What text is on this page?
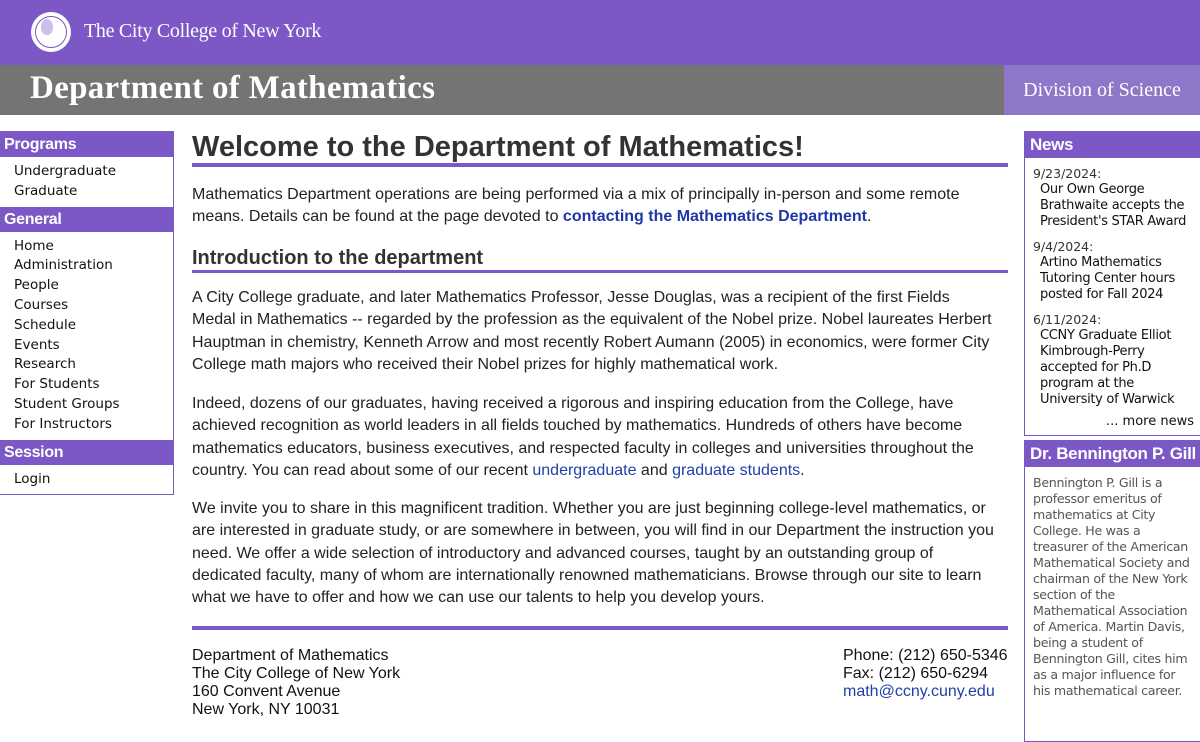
The City College of New York
Department of Mathematics	Division of Science
Programs
Undergraduate
Graduate
General
Home
Administration
People
Courses
Schedule
Events
Research
For Students
Student Groups
For Instructors
Session
Login
Welcome to the Department of Mathematics!

Mathematics Department operations are being performed via a mix of principally in-person and some remote means. Details can be found at the page devoted to contacting the Mathematics Department.

Introduction to the department

A City College graduate, and later Mathematics Professor, Jesse Douglas, was a recipient of the first Fields Medal in Mathematics -- regarded by the profession as the equivalent of the Nobel prize. Nobel laureates Herbert Hauptman in chemistry, Kenneth Arrow and most recently Robert Aumann (2005) in economics, were former City College math majors who received their Nobel prizes for highly mathematical work.

Indeed, dozens of our graduates, having received a rigorous and inspiring education from the College, have achieved recognition as world leaders in all fields touched by mathematics. Hundreds of others have become mathematics educators, business executives, and respected faculty in colleges and universities throughout the country. You can read about some of our recent undergraduate and graduate students.

We invite you to share in this magnificent tradition. Whether you are just beginning college-level mathematics, or are interested in graduate study, or are somewhere in between, you will find in our Department the instruction you need. We offer a wide selection of introductory and advanced courses, taught by an outstanding group of dedicated faculty, many of whom are internationally renowned mathematicians. Browse through our site to learn what we have to offer and how we can use our talents to help you develop yours.

Department of Mathematics
The City College of New York
160 Convent Avenue
New York, NY 10031
Phone: (212) 650-5346
Fax: (212) 650-6294
math@ccny.cuny.edu
News
9/23/2024:
Our Own George Brathwaite accepts the President's STAR Award
9/4/2024:
Artino Mathematics Tutoring Center hours posted for Fall 2024
6/11/2024:
CCNY Graduate Elliot Kimbrough-Perry accepted for Ph.D program at the University of Warwick
... more news
Dr. Bennington P. Gill
Bennington P. Gill is a professor emeritus of mathematics at City College. He was a treasurer of the American Mathematical Society and chairman of the New York section of the Mathematical Association of America. Martin Davis, being a student of Bennington Gill, cites him as a major influence for his mathematical career.
